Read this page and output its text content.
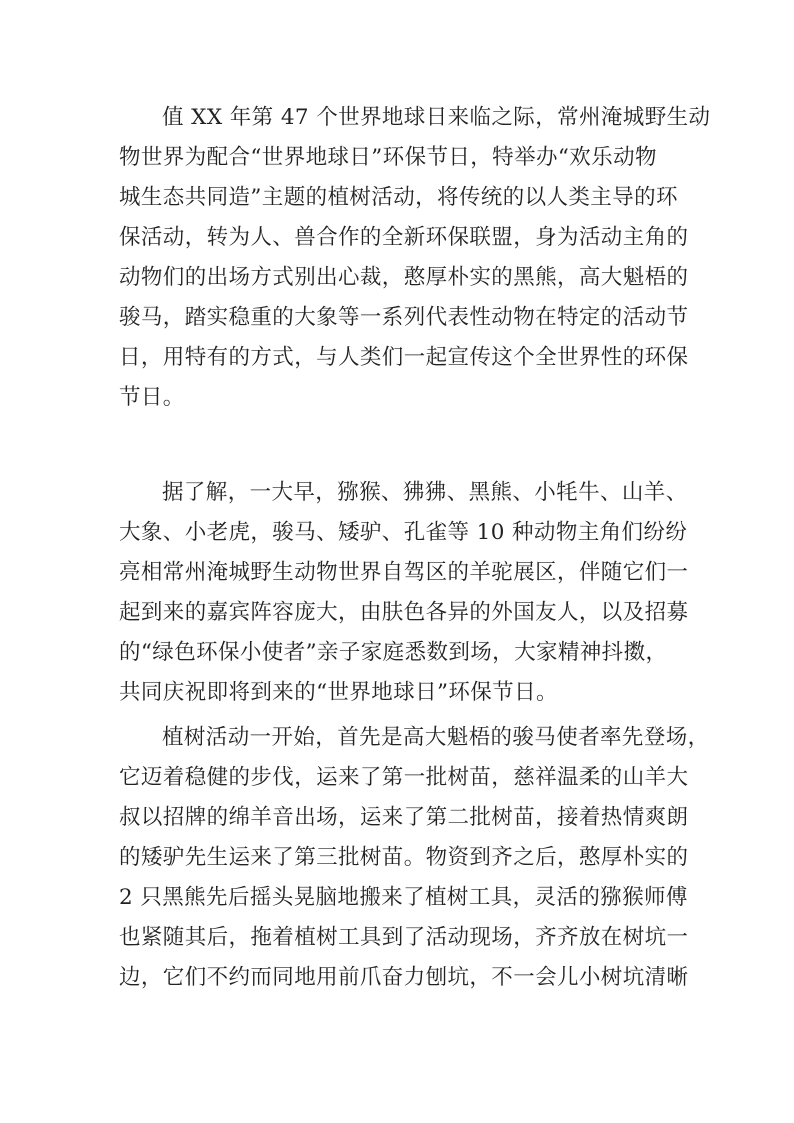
值 XX 年第 47 个世界地球日来临之际，常州淹城野生动

物世界为配合“世界地球日”环保节日，特举办“欢乐动物

城生态共同造”主题的植树活动，将传统的以人类主导的环

保活动，转为人、兽合作的全新环保联盟，身为活动主角的

动物们的出场方式别出心裁，憨厚朴实的黑熊，高大魁梧的

骏马，踏实稳重的大象等一系列代表性动物在特定的活动节

日，用特有的方式，与人类们一起宣传这个全世界性的环保

节日。

据了解，一大早，猕猴、狒狒、黑熊、小牦牛、山羊、

大象、小老虎，骏马、矮驴、孔雀等 10 种动物主角们纷纷

亮相常州淹城野生动物世界自驾区的羊驼展区，伴随它们一

起到来的嘉宾阵容庞大，由肤色各异的外国友人，以及招募

的“绿色环保小使者”亲子家庭悉数到场，大家精神抖擞，

共同庆祝即将到来的“世界地球日”环保节日。

植树活动一开始，首先是高大魁梧的骏马使者率先登场，

它迈着稳健的步伐，运来了第一批树苗，慈祥温柔的山羊大

叔以招牌的绵羊音出场，运来了第二批树苗，接着热情爽朗

的矮驴先生运来了第三批树苗。物资到齐之后，憨厚朴实的

2 只黑熊先后摇头晃脑地搬来了植树工具，灵活的猕猴师傅

也紧随其后，拖着植树工具到了活动现场，齐齐放在树坑一

边，它们不约而同地用前爪奋力刨坑，不一会儿小树坑清晰
